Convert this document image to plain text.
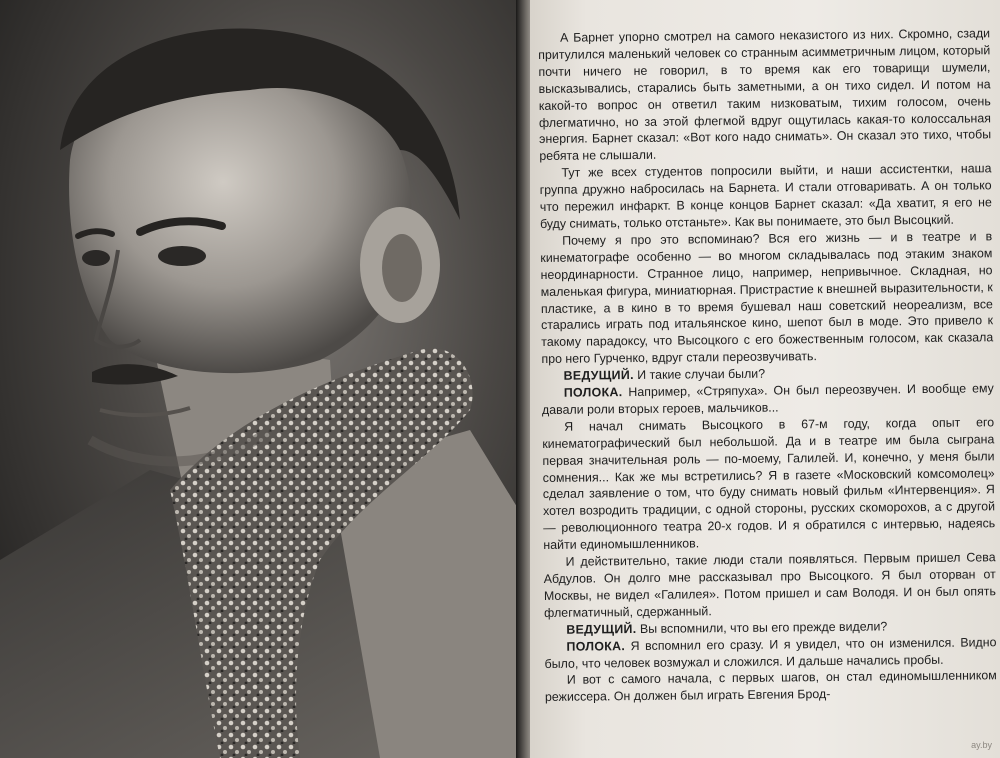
А Барнет упорно смотрел на самого неказистого из них. Скромно, сзади притулился маленький человек со странным асимметричным лицом, который почти ничего не говорил, в то время как его товарищи шумели, высказывались, старались быть заметными, а он тихо сидел. И потом на какой-то вопрос он ответил таким низковатым, тихим голосом, очень флегматично, но за этой флегмой вдруг ощутилась какая-то колоссальная энергия. Барнет сказал: «Вот кого надо снимать». Он сказал это тихо, чтобы ребята не слышали.

Тут же всех студентов попросили выйти, и наши ассистентки, наша группа дружно набросилась на Барнета. И стали отговаривать. А он только что пережил инфаркт. В конце концов Барнет сказал: «Да хватит, я его не буду снимать, только отстаньте». Как вы понимаете, это был Высоцкий.

Почему я про это вспоминаю? Вся его жизнь — и в театре и в кинематографе особенно — во многом складывалась под этаким знаком неординарности. Странное лицо, например, непривычное. Складная, но маленькая фигура, миниатюрная. Пристрастие к внешней выразительности, к пластике, а в кино в то время бушевал наш советский неореализм, все старались играть под итальянское кино, шепот был в моде. Это привело к такому парадоксу, что Высоцкого с его божественным голосом, как сказала про него Гурченко, вдруг стали переозвучивать.

ВЕДУЩИЙ. И такие случаи были?

ПОЛОКА. Например, «Стряпуха». Он был переозвучен. И вообще ему давали роли вторых героев, мальчиков...

Я начал снимать Высоцкого в 67-м году, когда опыт его кинематографический был небольшой. Да и в театре им была сыграна первая значительная роль — по-моему, Галилей. И, конечно, у меня были сомнения... Как же мы встретились? Я в газете «Московский комсомолец» сделал заявление о том, что буду снимать новый фильм «Интервенция». Я хотел возродить традиции, с одной стороны, русских скоморохов, а с другой — революционного театра 20-х годов. И я обратился с интервью, надеясь найти единомышленников.

И действительно, такие люди стали появляться. Первым пришел Сева Абдулов. Он долго мне рассказывал про Высоцкого. Я был оторван от Москвы, не видел «Галилея». Потом пришел и сам Володя. И он был опять флегматичный, сдержанный.

ВЕДУЩИЙ. Вы вспомнили, что вы его прежде видели?

ПОЛОКА. Я вспомнил его сразу. И я увидел, что он изменился. Видно было, что человек возмужал и сложился. И дальше начались пробы.

И вот с самого начала, с первых шагов, он стал единомышленником режиссера. Он должен был играть Евгения Брод-

ay.by
